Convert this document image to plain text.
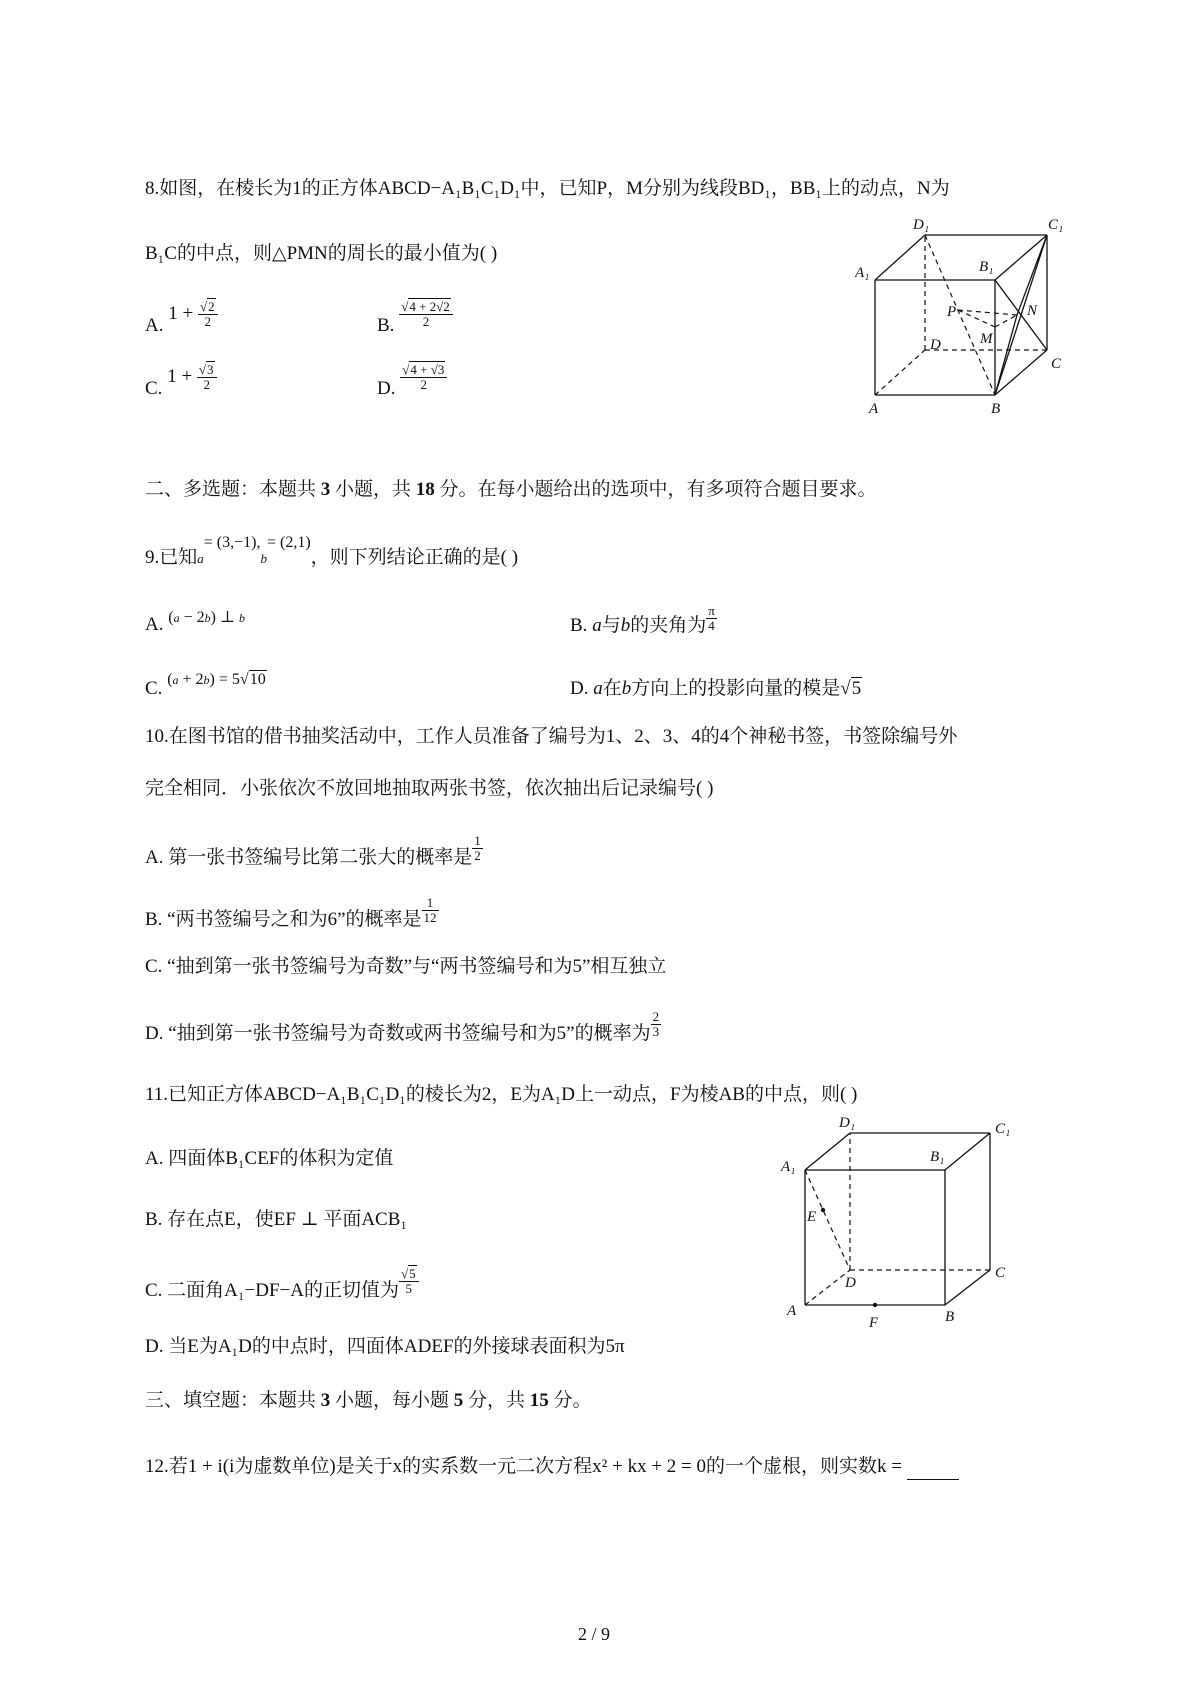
8.如图，在棱长为1的正方体ABCD−A₁B₁C₁D₁中，已知P，M分别为线段BD₁，BB₁上的动点，N为
B₁C的中点，则△PMN的周长的最小值为( )
A. $1 + \frac{√2}{2}$	B. $\frac{√4 + 2√2}{2}$
C. $1 + \frac{√3}{2}$	D. $\frac{√4 + √3}{2}$
D₁	C₁
A₁	B₁
N
P
M
D
C
A	B
二、多选题：本题共 3 小题，共 18 分。在每小题给出的选项中，有多项符合题目要求。
9.已知$a^{= (3,-1),}b^{= (2,1)}$，则下列结论正确的是( )
A. $^{(a - 2b) \perp b}$	B. a与b的夹角为 $\frac{\pi}{4}$
C. $^{(a + 2b) = 5√10}$	D. a在b方向上的投影向量的模是√5
10.在图书馆的借书抽奖活动中，工作人员准备了编号为1、2、3、4的4个神秘书签，书签除编号外
完全相同．小张依次不放回地抽取两张书签，依次抽出后记录编号( )
A. 第一张书签编号比第二张大的概率是 $\frac{1}{2}$
B. “两书签编号之和为6”的概率是 $\frac{1}{12}$
C. “抽到第一张书签编号为奇数”与“两书签编号和为5”相互独立
D. “抽到第一张书签编号为奇数或两书签编号和为5”的概率为 $\frac{2}{3}$
11.已知正方体ABCD−A₁B₁C₁D₁的棱长为2，E为A₁D上一动点，F为棱AB的中点，则( )
A. 四面体B₁CEF的体积为定值
B. 存在点E，使EF ⊥ 平面ACB₁
C. 二面角A₁−DF−A的正切值为 $\frac{√5}{5}$
D. 当E为A₁D的中点时，四面体ADEF的外接球表面积为5π
D₁	C₁
A₁
B₁
E
D
C
A
F	B
三、填空题：本题共 3 小题，每小题 5 分，共 15 分。
12.若1 + i(i为虚数单位)是关于x的实系数一元二次方程x² + kx + 2 = 0的一个虚根，则实数k =
2 / 9
